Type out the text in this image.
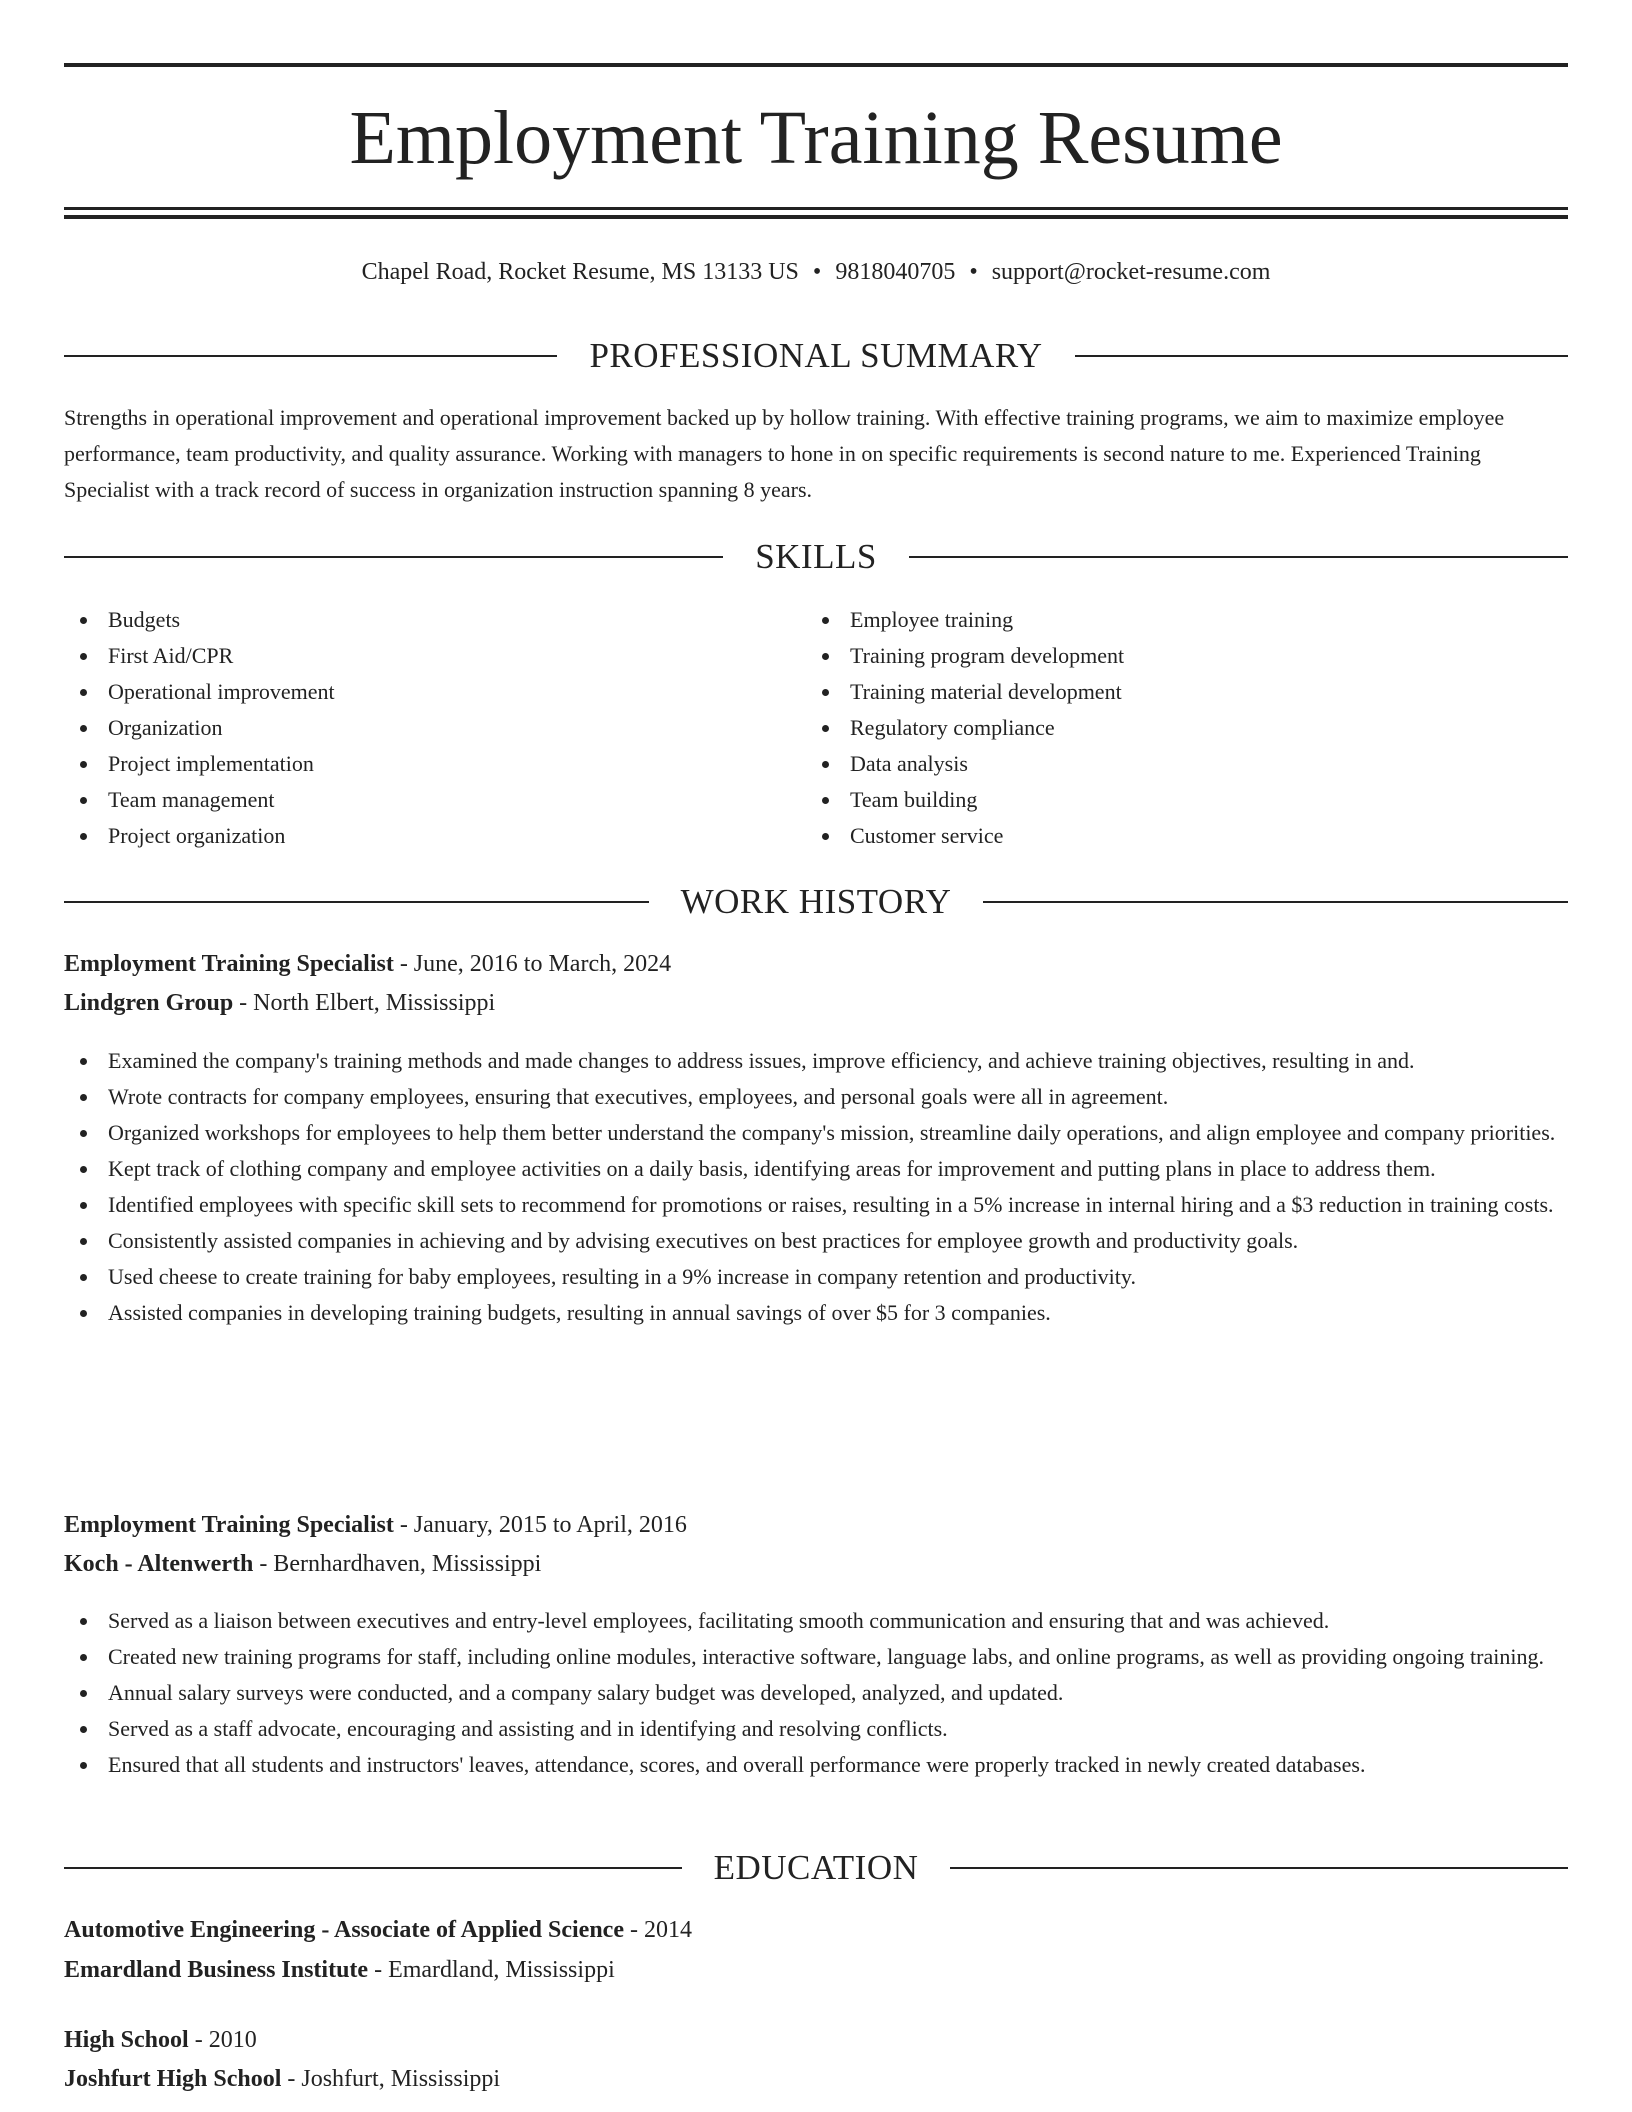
Employment Training Resume
Chapel Road, Rocket Resume, MS 13133 US • 9818040705 • support@rocket-resume.com
PROFESSIONAL SUMMARY

Strengths in operational improvement and operational improvement backed up by hollow training. With effective training programs, we aim to maximize employee performance, team productivity, and quality assurance. Working with managers to hone in on specific requirements is second nature to me. Experienced Training Specialist with a track record of success in organization instruction spanning 8 years.

SKILLS
Budgets
First Aid/CPR
Operational improvement
Organization
Project implementation
Team management
Project organization
Employee training
Training program development
Training material development
Regulatory compliance
Data analysis
Team building
Customer service
WORK HISTORY
Employment Training Specialist - June, 2016 to March, 2024
Lindgren Group - North Elbert, Mississippi
Examined the company's training methods and made changes to address issues, improve efficiency, and achieve training objectives, resulting in and.
Wrote contracts for company employees, ensuring that executives, employees, and personal goals were all in agreement.
Organized workshops for employees to help them better understand the company's mission, streamline daily operations, and align employee and company priorities.
Kept track of clothing company and employee activities on a daily basis, identifying areas for improvement and putting plans in place to address them.
Identified employees with specific skill sets to recommend for promotions or raises, resulting in a 5% increase in internal hiring and a $3 reduction in training costs.
Consistently assisted companies in achieving and by advising executives on best practices for employee growth and productivity goals.
Used cheese to create training for baby employees, resulting in a 9% increase in company retention and productivity.
Assisted companies in developing training budgets, resulting in annual savings of over $5 for 3 companies.
Employment Training Specialist - January, 2015 to April, 2016
Koch - Altenwerth - Bernhardhaven, Mississippi
Served as a liaison between executives and entry-level employees, facilitating smooth communication and ensuring that and was achieved.
Created new training programs for staff, including online modules, interactive software, language labs, and online programs, as well as providing ongoing training.
Annual salary surveys were conducted, and a company salary budget was developed, analyzed, and updated.
Served as a staff advocate, encouraging and assisting and in identifying and resolving conflicts.
Ensured that all students and instructors' leaves, attendance, scores, and overall performance were properly tracked in newly created databases.
EDUCATION
Automotive Engineering - Associate of Applied Science - 2014
Emardland Business Institute - Emardland, Mississippi
High School - 2010
Joshfurt High School - Joshfurt, Mississippi
